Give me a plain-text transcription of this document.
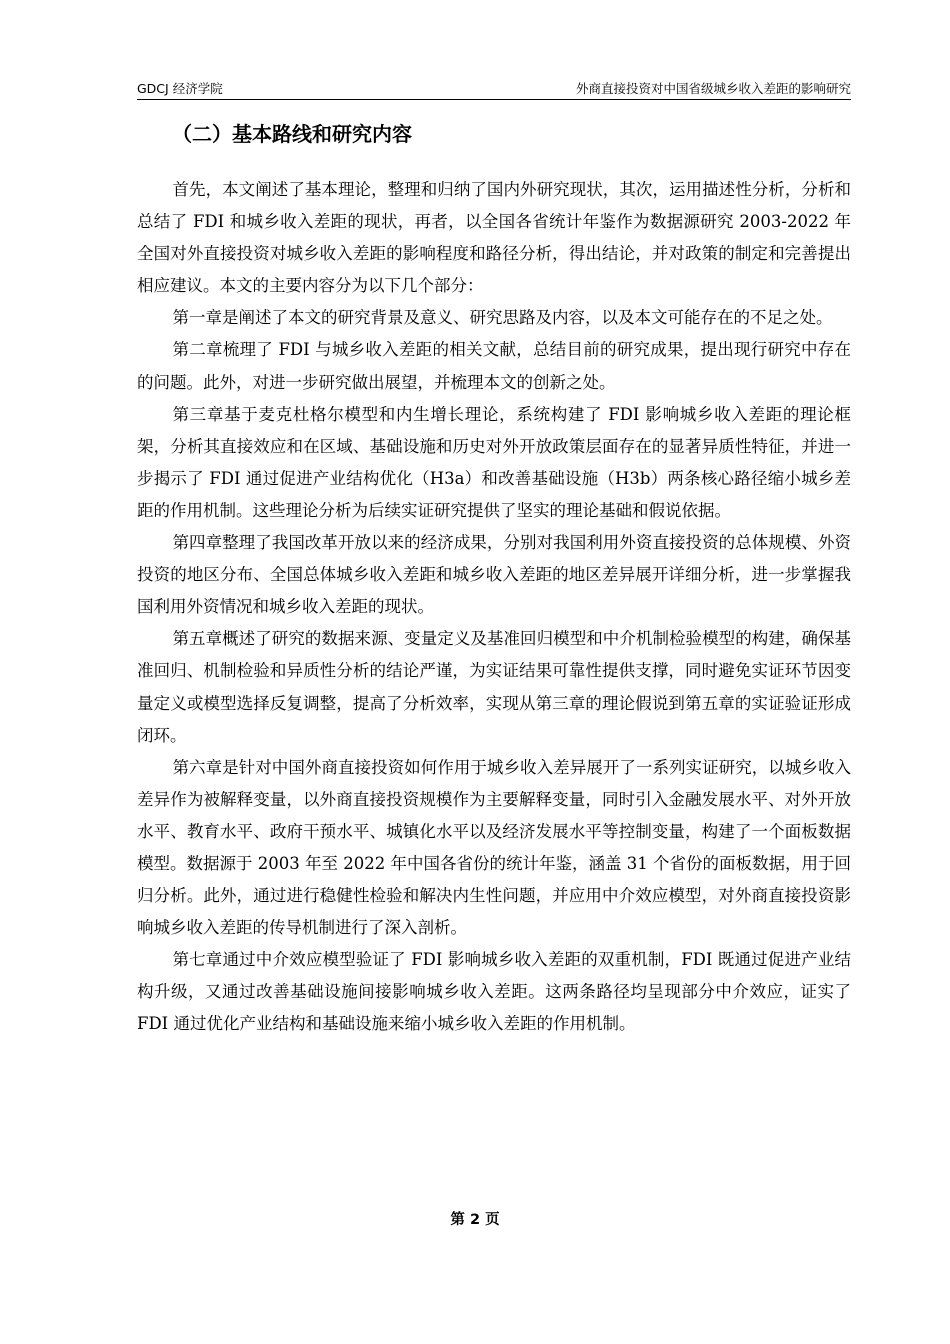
GDCJ 经济学院	外商直接投资对中国省级城乡收入差距的影响研究
（二）基本路线和研究内容

首先，本文阐述了基本理论，整理和归纳了国内外研究现状，其次，运用描述性分析，分析和总结了 FDI 和城乡收入差距的现状，再者，以全国各省统计年鉴作为数据源研究 2003-2022 年全国对外直接投资对城乡收入差距的影响程度和路径分析，得出结论，并对政策的制定和完善提出相应建议。本文的主要内容分为以下几个部分：

第一章是阐述了本文的研究背景及意义、研究思路及内容，以及本文可能存在的不足之处。

第二章梳理了 FDI 与城乡收入差距的相关文献，总结目前的研究成果，提出现行研究中存在的问题。此外，对进一步研究做出展望，并梳理本文的创新之处。

第三章基于麦克杜格尔模型和内生增长理论，系统构建了 FDI 影响城乡收入差距的理论框架，分析其直接效应和在区域、基础设施和历史对外开放政策层面存在的显著异质性特征，并进一步揭示了 FDI 通过促进产业结构优化（H3a）和改善基础设施（H3b）两条核心路径缩小城乡差距的作用机制。这些理论分析为后续实证研究提供了坚实的理论基础和假说依据。

第四章整理了我国改革开放以来的经济成果，分别对我国利用外资直接投资的总体规模、外资投资的地区分布、全国总体城乡收入差距和城乡收入差距的地区差异展开详细分析，进一步掌握我国利用外资情况和城乡收入差距的现状。

第五章概述了研究的数据来源、变量定义及基准回归模型和中介机制检验模型的构建，确保基准回归、机制检验和异质性分析的结论严谨，为实证结果可靠性提供支撑，同时避免实证环节因变量定义或模型选择反复调整，提高了分析效率，实现从第三章的理论假说到第五章的实证验证形成闭环。

第六章是针对中国外商直接投资如何作用于城乡收入差异展开了一系列实证研究，以城乡收入差异作为被解释变量，以外商直接投资规模作为主要解释变量，同时引入金融发展水平、对外开放水平、教育水平、政府干预水平、城镇化水平以及经济发展水平等控制变量，构建了一个面板数据模型。数据源于 2003 年至 2022 年中国各省份的统计年鉴，涵盖 31 个省份的面板数据，用于回归分析。此外，通过进行稳健性检验和解决内生性问题，并应用中介效应模型，对外商直接投资影响城乡收入差距的传导机制进行了深入剖析。

第七章通过中介效应模型验证了 FDI 影响城乡收入差距的双重机制，FDI 既通过促进产业结构升级，又通过改善基础设施间接影响城乡收入差距。这两条路径均呈现部分中介效应，证实了 FDI 通过优化产业结构和基础设施来缩小城乡收入差距的作用机制。

第 2 页
